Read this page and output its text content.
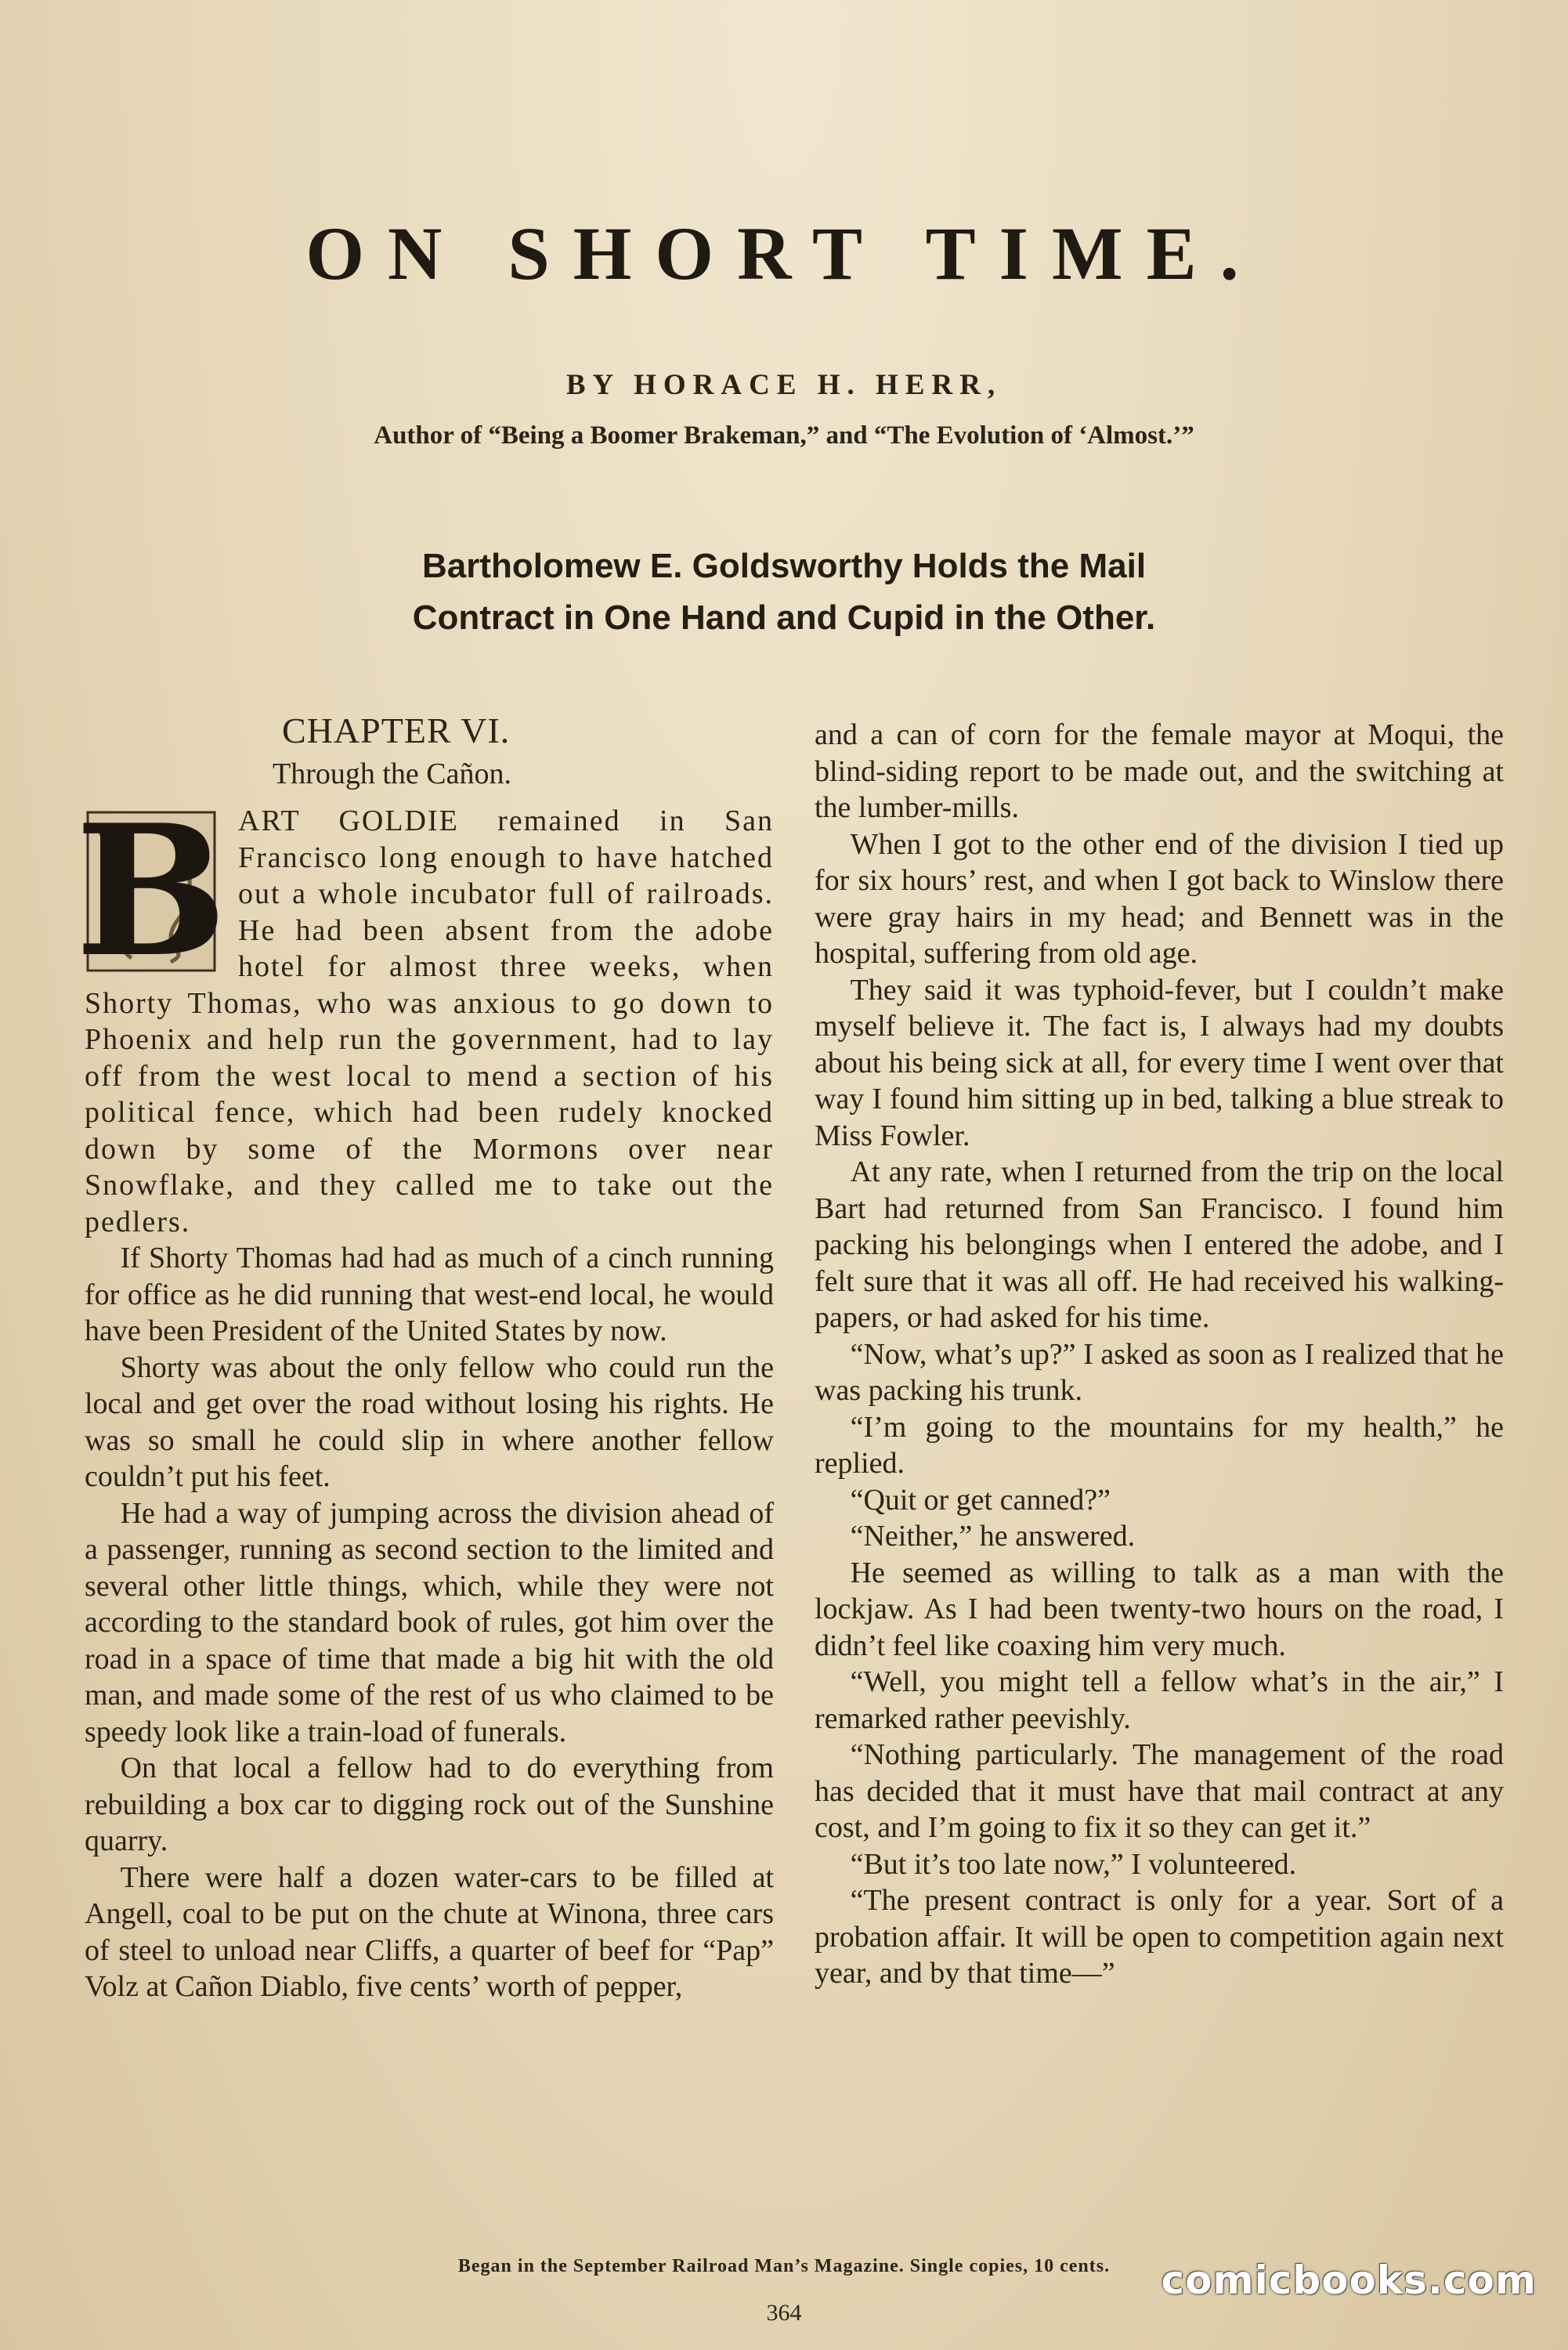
ON SHORT TIME.
BY HORACE H. HERR,
Author of “Being a Boomer Brakeman,” and “The Evolution of ‘Almost.’”
Bartholomew E. Goldsworthy Holds the Mail
Contract in One Hand and Cupid in the Other.
CHAPTER VI.
Through the Cañon.

B ART GOLDIE remained in San Francisco long enough to have hatched out a whole incubator full of railroads. He had been absent from the adobe hotel for almost three weeks, when Shorty Thomas, who was anxious to go down to Phoenix and help run the government, had to lay off from the west local to mend a section of his political fence, which had been rudely knocked down by some of the Mormons over near Snowflake, and they called me to take out the pedlers.

If Shorty Thomas had had as much of a cinch running for office as he did running that west-end local, he would have been President of the United States by now.

Shorty was about the only fellow who could run the local and get over the road without losing his rights. He was so small he could slip in where another fellow couldn’t put his feet.

He had a way of jumping across the division ahead of a passenger, running as second section to the limited and several other little things, which, while they were not according to the standard book of rules, got him over the road in a space of time that made a big hit with the old man, and made some of the rest of us who claimed to be speedy look like a train-load of funerals.

On that local a fellow had to do everything from rebuilding a box car to digging rock out of the Sunshine quarry.

There were half a dozen water-cars to be filled at Angell, coal to be put on the chute at Winona, three cars of steel to unload near Cliffs, a quarter of beef for “Pap” Volz at Cañon Diablo, five cents’ worth of pepper,

and a can of corn for the female mayor at Moqui, the blind-siding report to be made out, and the switching at the lumber-mills.

When I got to the other end of the division I tied up for six hours’ rest, and when I got back to Winslow there were gray hairs in my head; and Bennett was in the hospital, suffering from old age.

They said it was typhoid-fever, but I couldn’t make myself believe it. The fact is, I always had my doubts about his being sick at all, for every time I went over that way I found him sitting up in bed, talking a blue streak to Miss Fowler.

At any rate, when I returned from the trip on the local Bart had returned from San Francisco. I found him packing his belongings when I entered the adobe, and I felt sure that it was all off. He had received his walking-papers, or had asked for his time.

“Now, what’s up?” I asked as soon as I realized that he was packing his trunk.

“I’m going to the mountains for my health,” he replied.

“Quit or get canned?”

“Neither,” he answered.

He seemed as willing to talk as a man with the lockjaw. As I had been twenty-two hours on the road, I didn’t feel like coaxing him very much.

“Well, you might tell a fellow what’s in the air,” I remarked rather peevishly.

“Nothing particularly. The management of the road has decided that it must have that mail contract at any cost, and I’m going to fix it so they can get it.”

“But it’s too late now,” I volunteered.

“The present contract is only for a year. Sort of a probation affair. It will be open to competition again next year, and by that time—”

Began in the September Railroad Man’s Magazine. Single copies, 10 cents.
364
comicbooks.com
